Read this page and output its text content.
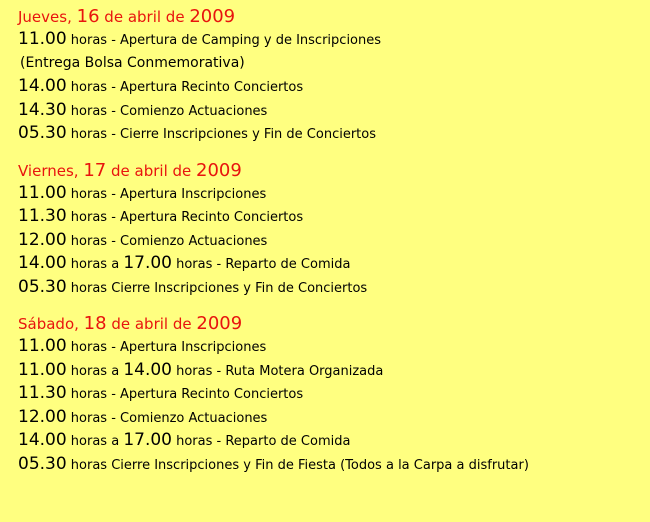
Jueves, 16 de abril de 2009
11.00 horas - Apertura de Camping y de Inscripciones
(Entrega Bolsa Conmemorativa)
14.00 horas - Apertura Recinto Conciertos
14.30 horas - Comienzo Actuaciones
05.30 horas - Cierre Inscripciones y Fin de Conciertos
Viernes, 17 de abril de 2009
11.00 horas - Apertura Inscripciones
11.30 horas - Apertura Recinto Conciertos
12.00 horas - Comienzo Actuaciones
14.00 horas a 17.00 horas - Reparto de Comida
05.30 horas Cierre Inscripciones y Fin de Conciertos
Sábado, 18 de abril de 2009
11.00 horas - Apertura Inscripciones
11.00 horas a 14.00 horas - Ruta Motera Organizada
11.30 horas - Apertura Recinto Conciertos
12.00 horas - Comienzo Actuaciones
14.00 horas a 17.00 horas - Reparto de Comida
05.30 horas Cierre Inscripciones y Fin de Fiesta (Todos a la Carpa a disfrutar)
